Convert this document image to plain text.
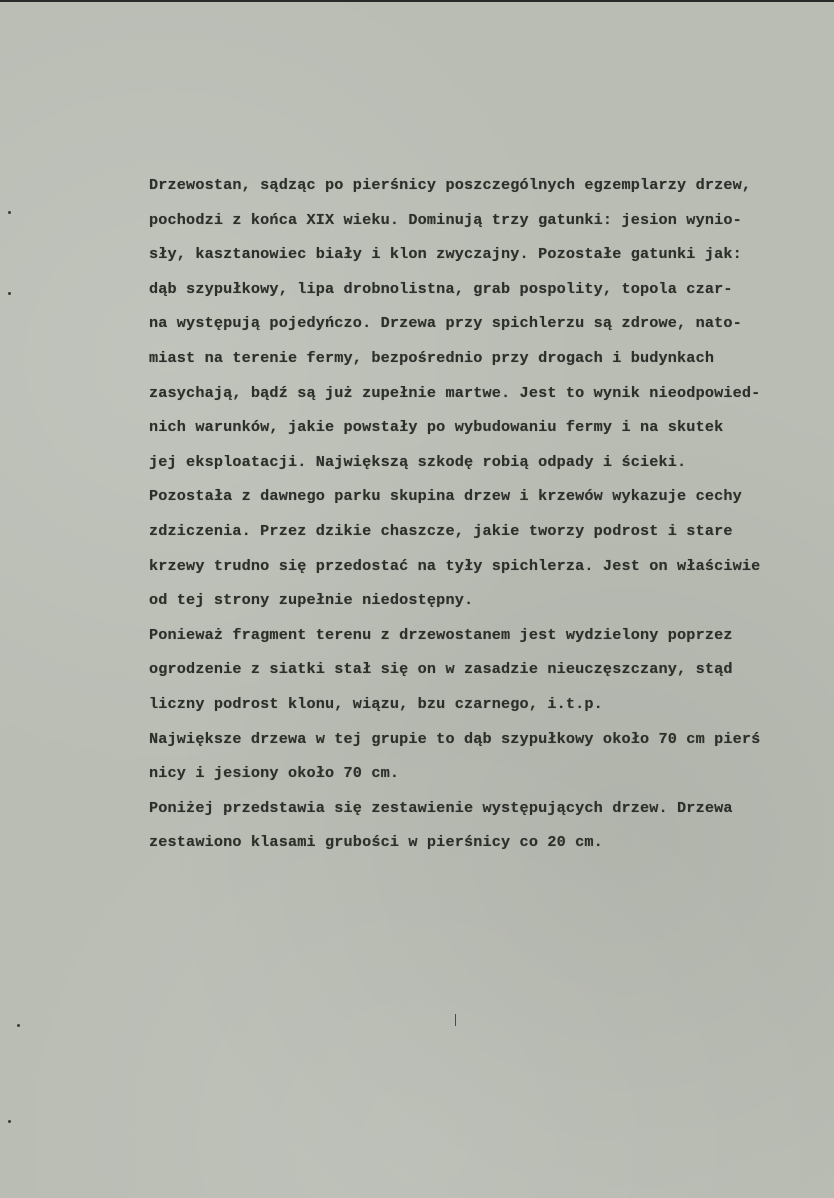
Drzewostan, sądząc po pierśnicy poszczególnych egzemplarzy drzew,
pochodzi z końca XIX wieku. Dominują trzy gatunki: jesion wynio-
sły, kasztanowiec biały i klon zwyczajny. Pozostałe gatunki jak:
dąb szypułkowy, lipa drobnolistna, grab pospolity, topola czar-
na występują pojedyńczo. Drzewa przy spichlerzu są zdrowe, nato-
miast na terenie fermy, bezpośrednio przy drogach i budynkach
zasychają, bądź są już zupełnie martwe. Jest to wynik nieodpowied-
nich warunków, jakie powstały po wybudowaniu fermy i na skutek
jej eksploatacji. Największą szkodę robią odpady i ścieki.
Pozostała z dawnego parku skupina drzew i krzewów wykazuje cechy
zdziczenia. Przez dzikie chaszcze, jakie tworzy podrost i stare
krzewy trudno się przedostać na tyły spichlerza. Jest on właściwie
od tej strony zupełnie niedostępny.
Ponieważ fragment terenu z drzewostanem jest wydzielony poprzez
ogrodzenie z siatki stał się on w zasadzie nieuczęszczany, stąd
liczny podrost klonu, wiązu, bzu czarnego, i.t.p.
Największe drzewa w tej grupie to dąb szypułkowy około 70 cm pierś
nicy i jesiony około 70 cm.
Poniżej przedstawia się zestawienie występujących drzew. Drzewa
zestawiono klasami grubości w pierśnicy co 20 cm.
